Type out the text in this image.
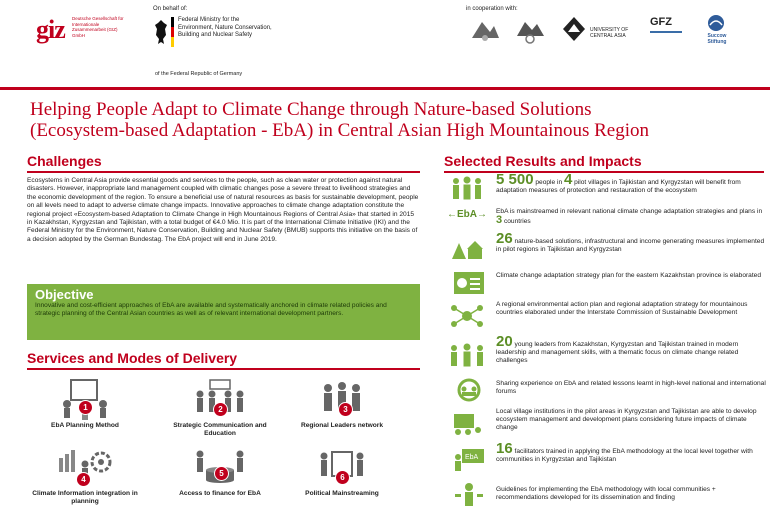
giz Deutsche Gesellschaft für Internationale Zusammenarbeit (GIZ) GmbH
On behalf of:
Federal Ministry for the
Environment, Nature Conservation,
Building and Nuclear Safety
of the Federal Republic of Germany
in cooperation with:
UNIVERSITY OF CENTRAL ASIA
GFZ
Succow Stiftung
Helping People Adapt to Climate Change through Nature-based Solutions
(Ecosystem-based Adaptation - EbA) in Central Asian High Mountainous Region
Challenges
Ecosystems in Central Asia provide essential goods and services to the people, such as clean water or protection against natural disasters. However, inappropriate land management coupled with climatic changes pose a severe threat to livelihood strategies and the economic development of the region. To ensure a beneficial use of natural resources as basis for sustainable development, people on all levels need to adapt to adverse climate change impacts. Innovative approaches to climate change adaptation constitute the regional project «Ecosystem-based Adaptation to Climate Change in High Mountainous Regions of Central Asia» that started in 2015 in Kazakhstan, Kyrgyzstan and Tajikistan, with a total budget of €4.0 Mio. It is part of the International Climate Initiative (IKI) and the Federal Ministry for the Environment, Nature Conservation, Building and Nuclear Safety (BMUB) supports this initiative on the basis of a decision adopted by the German Bundestag. The EbA project will end in June 2019.
Objective
Innovative and cost-efficient approaches of EbA are available and systematically anchored in climate related policies and strategic planning of the Central Asian countries as well as of relevant international development partners.
Services and Modes of Delivery
1
EbA Planning Method
2
Strategic Communication and Education
3
Regional Leaders network
4
Climate Information integration in planning
5
Access to finance for EbA
6
Political Mainstreaming
Selected Results and Impacts
5 500 people in 4 pilot villages in Tajikistan and Kyrgyzstan will benefit from adaptation measures of protection and restauration of the ecosystem
←EbA→	EbA is mainstreamed in relevant national climate change adaptation strategies and plans in 3 countries
26 nature-based solutions, infrastructural and income generating measures implemented in pilot regions in Tajikistan and Kyrgyzstan
Climate change adaptation strategy plan for the eastern Kazakhstan province is elaborated
A regional environmental action plan and regional adaptation strategy for mountainous countries elaborated under the Interstate Commission of Sustainable Development
20 young leaders from Kazakhstan, Kyrgyzstan and Tajikistan trained in modern leadership and management skills, with a thematic focus on climate change related challenges
Sharing experience on EbA and related lessons learnt in high-level national and international forums
Local village institutions in the pilot areas in Kyrgyzstan and Tajikistan are able to develop ecosystem management and development plans considering future impacts of climate change
EbA
16 facilitators trained in applying the EbA methodology at the local level together with communities in Kyrgyzstan and Tajikistan
Guidelines for implementing the EbA methodology with local communities + recommendations developed for its dissemination and finding
